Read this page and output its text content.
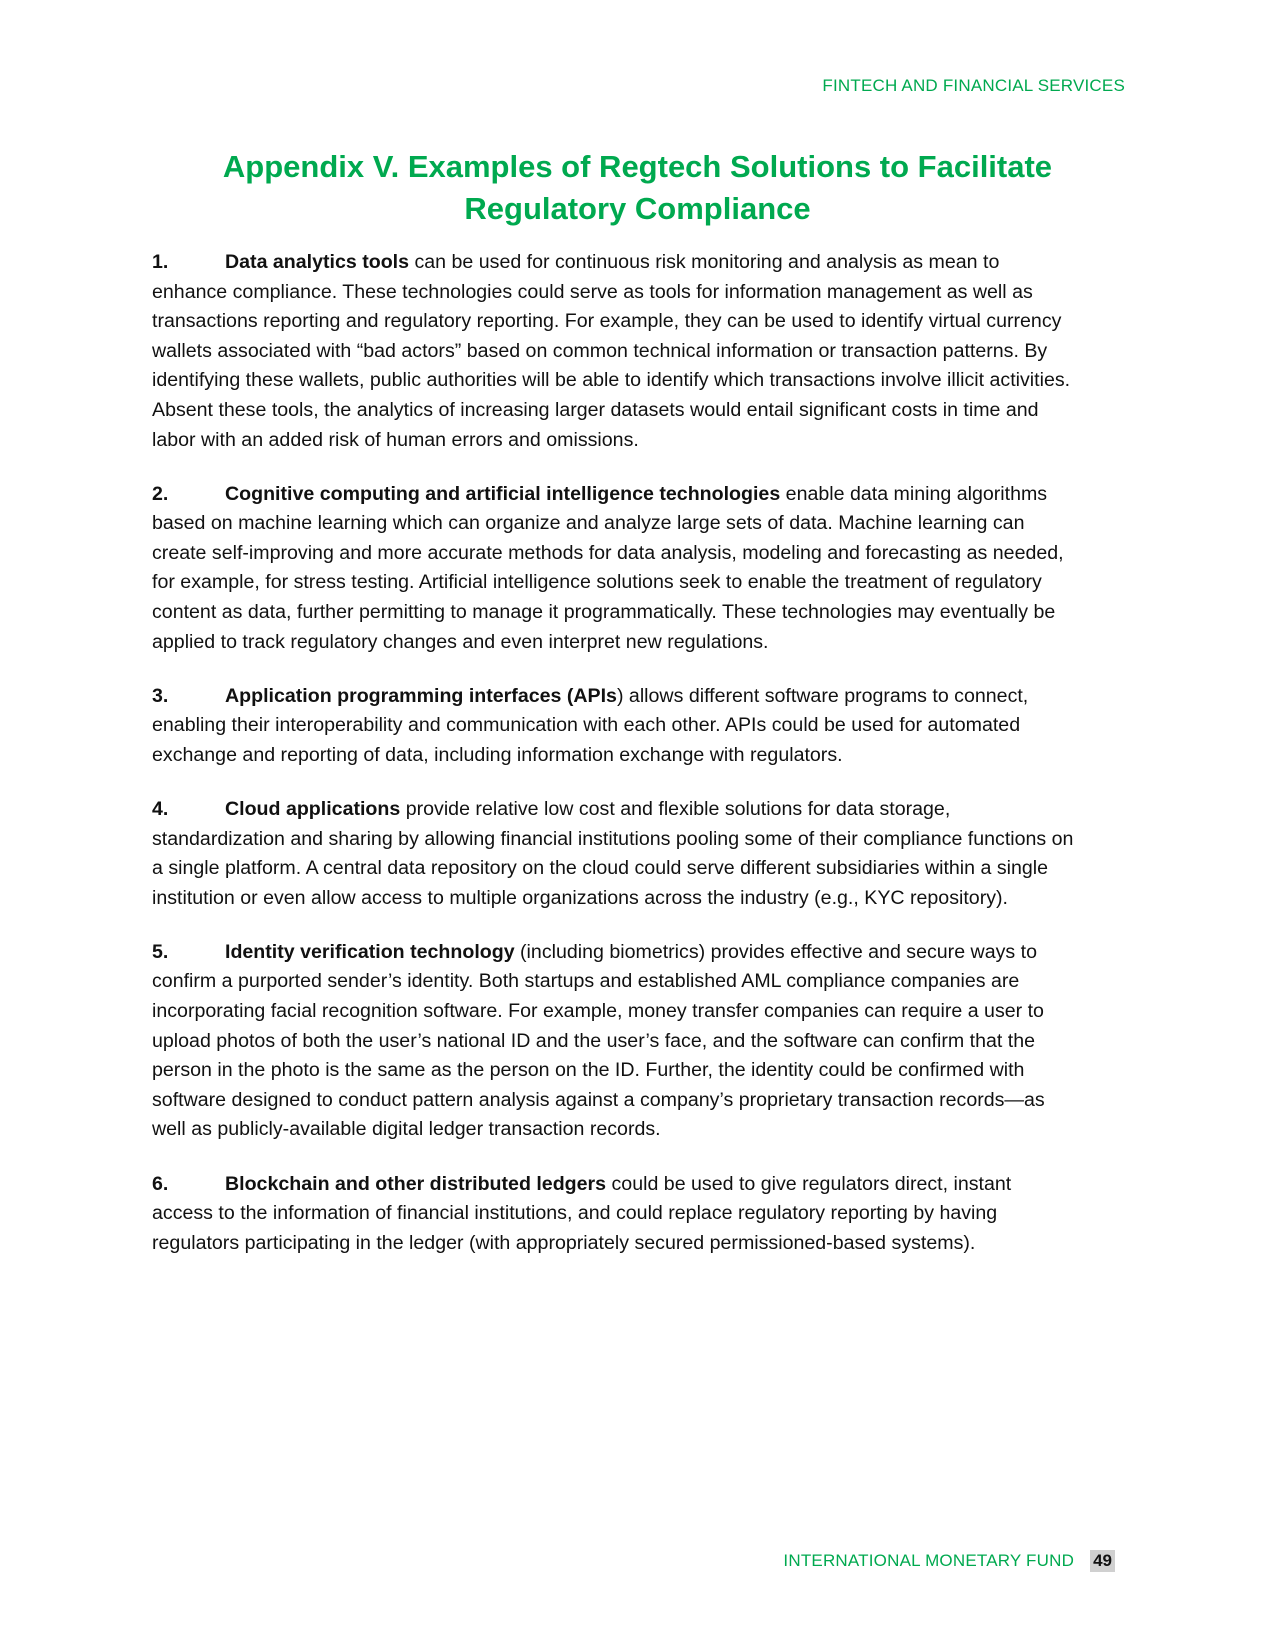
FINTECH AND FINANCIAL SERVICES
Appendix V. Examples of Regtech Solutions to Facilitate Regulatory Compliance

1.	Data analytics tools can be used for continuous risk monitoring and analysis as mean to enhance compliance. These technologies could serve as tools for information management as well as transactions reporting and regulatory reporting. For example, they can be used to identify virtual currency wallets associated with “bad actors” based on common technical information or transaction patterns. By identifying these wallets, public authorities will be able to identify which transactions involve illicit activities. Absent these tools, the analytics of increasing larger datasets would entail significant costs in time and labor with an added risk of human errors and omissions.

2.	Cognitive computing and artificial intelligence technologies enable data mining algorithms based on machine learning which can organize and analyze large sets of data. Machine learning can create self-improving and more accurate methods for data analysis, modeling and forecasting as needed, for example, for stress testing. Artificial intelligence solutions seek to enable the treatment of regulatory content as data, further permitting to manage it programmatically. These technologies may eventually be applied to track regulatory changes and even interpret new regulations.

3.	Application programming interfaces (APIs) allows different software programs to connect, enabling their interoperability and communication with each other. APIs could be used for automated exchange and reporting of data, including information exchange with regulators.

4.	Cloud applications provide relative low cost and flexible solutions for data storage, standardization and sharing by allowing financial institutions pooling some of their compliance functions on a single platform. A central data repository on the cloud could serve different subsidiaries within a single institution or even allow access to multiple organizations across the industry (e.g., KYC repository).

5.	Identity verification technology (including biometrics) provides effective and secure ways to confirm a purported sender’s identity. Both startups and established AML compliance companies are incorporating facial recognition software. For example, money transfer companies can require a user to upload photos of both the user’s national ID and the user’s face, and the software can confirm that the person in the photo is the same as the person on the ID. Further, the identity could be confirmed with software designed to conduct pattern analysis against a company’s proprietary transaction records—as well as publicly-available digital ledger transaction records.

6.	Blockchain and other distributed ledgers could be used to give regulators direct, instant access to the information of financial institutions, and could replace regulatory reporting by having regulators participating in the ledger (with appropriately secured permissioned-based systems).

INTERNATIONAL MONETARY FUND 49
